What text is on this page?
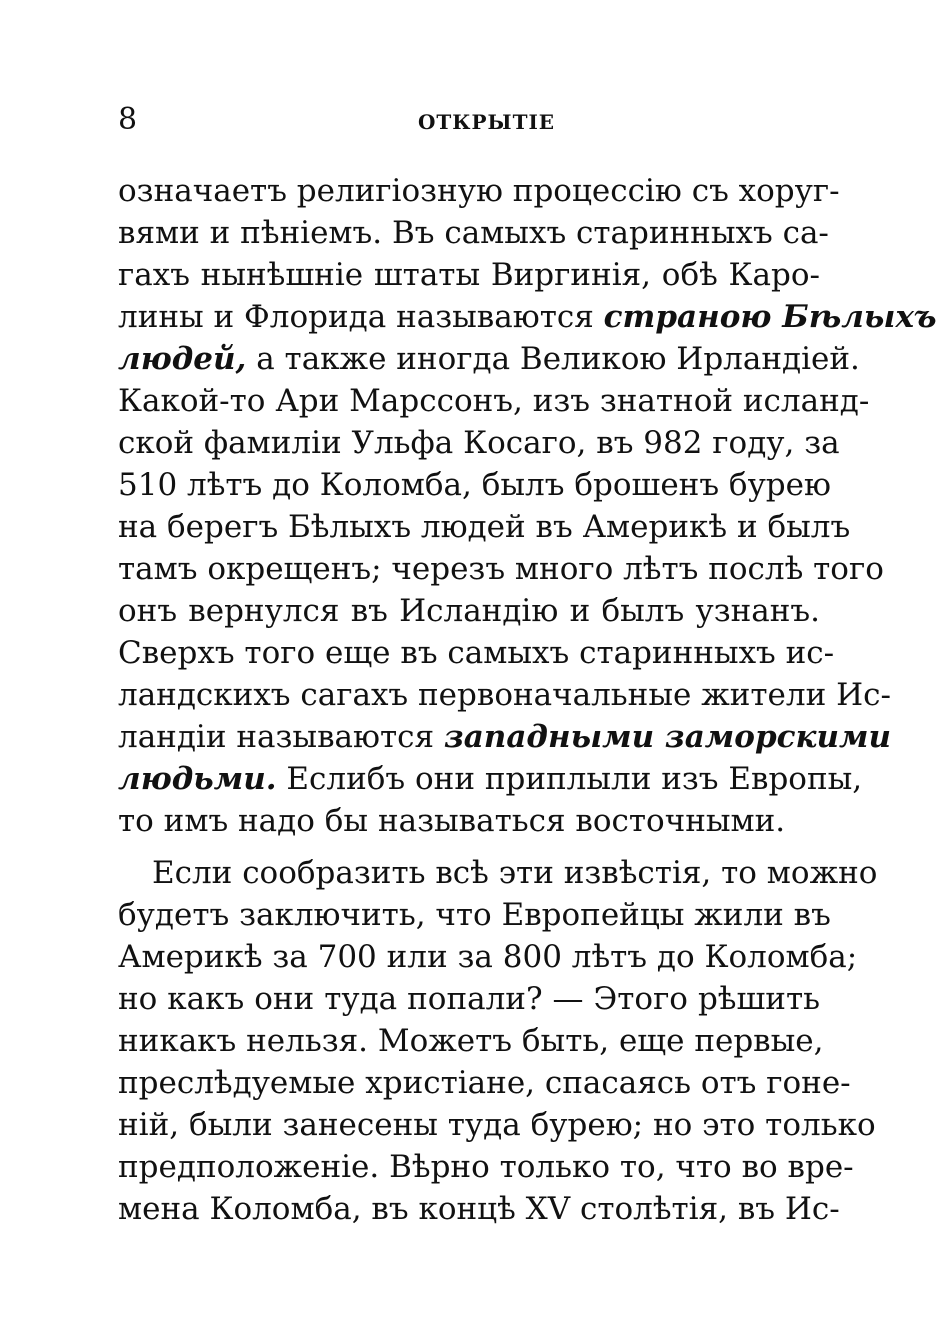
8	ОТКРЫТІЕ
означаетъ религіозную процессію съ хоруг-
вями и пѣніемъ. Въ самыхъ старинныхъ са-
гахъ нынѣшніе штаты Виргинія, обѣ Каро-
лины и Флорида называются страною Бѣлыхъ
людей, а также иногда Великою Ирландіей.
Какой-то Ари Марссонъ, изъ знатной исланд-
ской фамиліи Ульфа Косаго, въ 982 году, за
510 лѣтъ до Коломба, былъ брошенъ бурею
на берегъ Бѣлыхъ людей въ Америкѣ и былъ
тамъ окрещенъ; черезъ много лѣтъ послѣ того
онъ вернулся въ Исландію и былъ узнанъ.
Сверхъ того еще въ самыхъ старинныхъ ис-
ландскихъ сагахъ первоначальные жители Ис-
ландіи называются западными заморскими
людьми. Еслибъ они приплыли изъ Европы,
то имъ надо бы называться восточными.
Если сообразить всѣ эти извѣстія, то можно
будетъ заключить, что Европейцы жили въ
Америкѣ за 700 или за 800 лѣтъ до Коломба;
но какъ они туда попали? — Этого рѣшить
никакъ нельзя. Можетъ быть, еще первые,
преслѣдуемые христіане, спасаясь отъ гоне-
ній, были занесены туда бурею; но это только
предположеніе. Вѣрно только то, что во вре-
мена Коломба, въ концѣ XV столѣтія, въ Ис-
